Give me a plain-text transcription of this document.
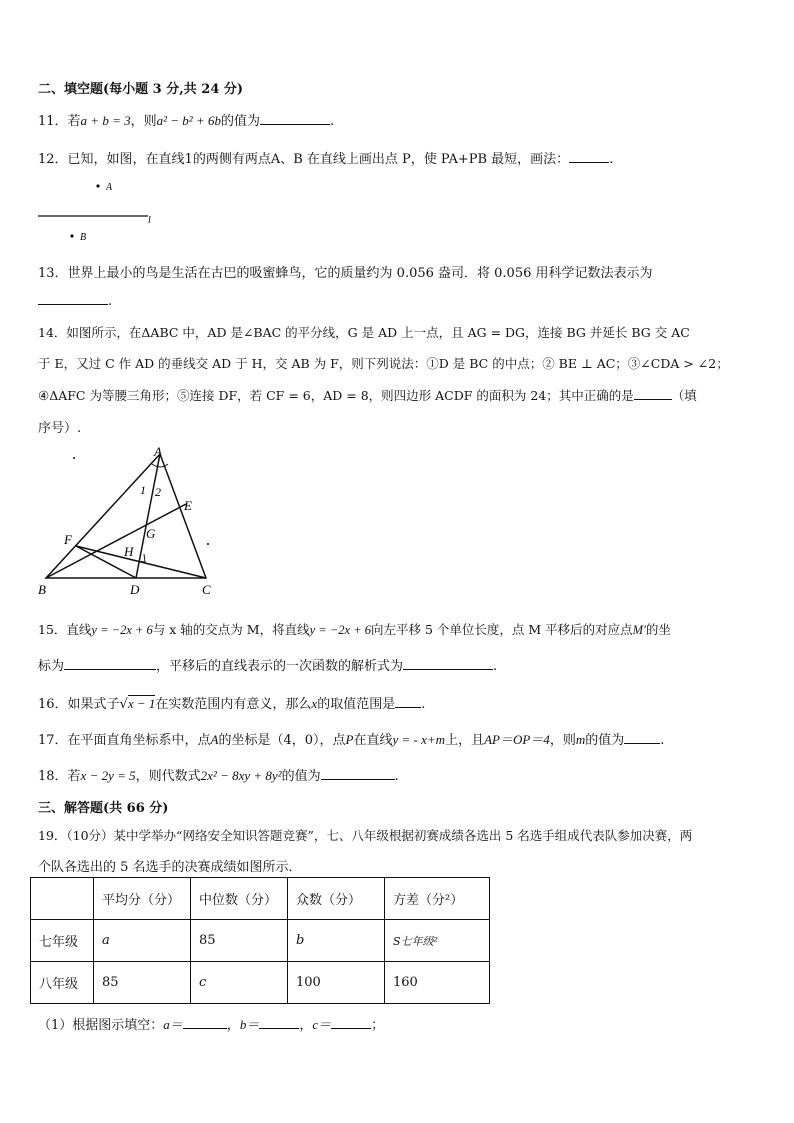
二、填空题(每小题 3 分,共 24 分)
11．若a + b = 3，则a² − b² + 6b的值为	.
12．已知，如图，在直线1的两侧有两点A、B 在直线上画出点 P，使 PA+PB 最短，画法：	.
A
l
B
13．世界上最小的鸟是生活在古巴的吸蜜蜂鸟，它的质量约为 0.056 盎司．将 0.056 用科学记数法表示为
.
14．如图所示，在ΔABC 中，AD 是∠BAC 的平分线，G 是 AD 上一点，且 AG = DG，连接 BG 并延长 BG 交 AC
于 E，又过 C 作 AD 的垂线交 AD 于 H，交 AB 为 F，则下列说法：①D 是 BC 的中点；② BE ⊥ AC；③∠CDA > ∠2；
④ΔAFC 为等腰三角形；⑤连接 DF，若 CF = 6，AD = 8，则四边形 ACDF 的面积为 24；其中正确的是	（填
序号）.
A
B	C
D
E
F	G
H
1 2
15．直线y = −2x + 6与 x 轴的交点为 M，将直线y = −2x + 6向左平移 5 个单位长度，点 M 平移后的对应点M′的坐
标为	，平移后的直线表示的一次函数的解析式为	.
16．如果式子√x − 1在实数范围内有意义，那么x的取值范围是 .
17．在平面直角坐标系中，点A的坐标是（4，0），点P在直线y = - x+m上，且AP＝OP＝4，则m的值为	.
18．若x − 2y = 5，则代数式2x² − 8xy + 8y²的值为	.
三、解答题(共 66 分)
19．（10分）某中学举办“网络安全知识答题竞赛”，七、八年级根据初赛成绩各选出 5 名选手组成代表队参加决赛，两
个队各选出的 5 名选手的决赛成绩如图所示．
	平均分（分）	中位数（分）	众数（分）	方差（分²）
七年级	a	85	b	S七年级²
八年级	85	c	100	160
（1）根据图示填空：a＝	，b＝	，c＝	；
